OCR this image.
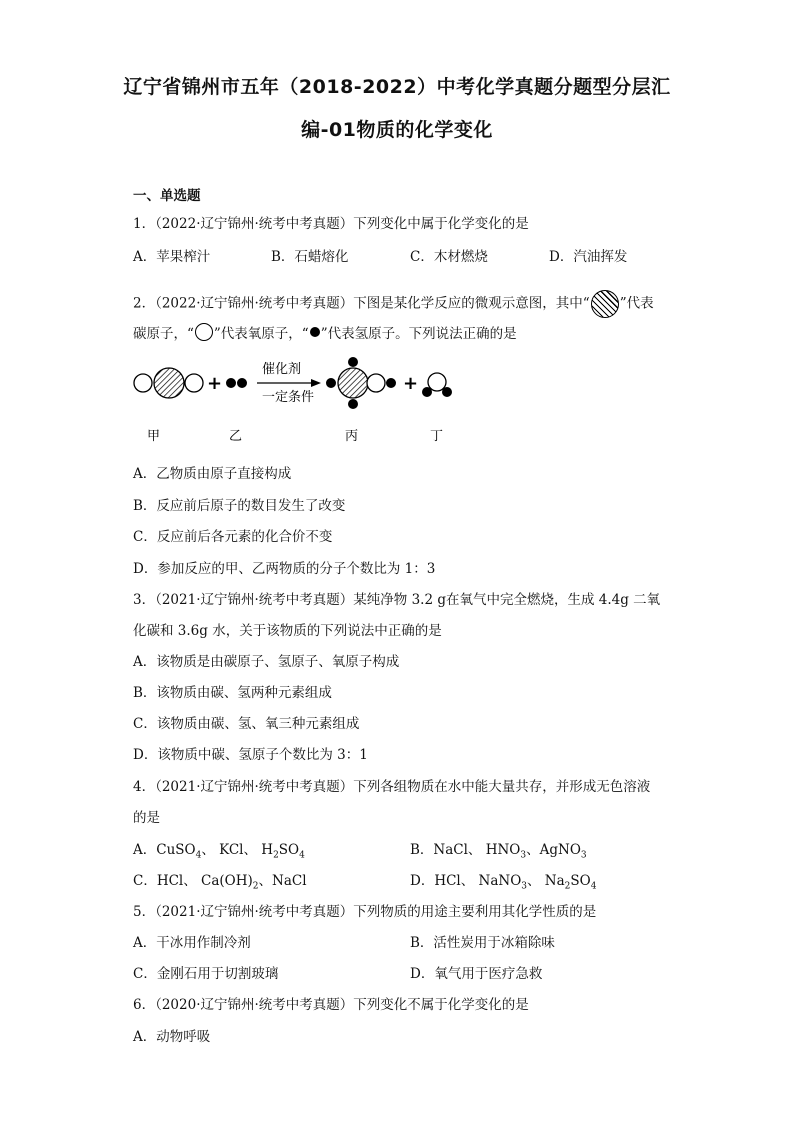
辽宁省锦州市五年（2018-2022）中考化学真题分题型分层汇
编-01物质的化学变化
一、单选题
1．（2022·辽宁锦州·统考中考真题）下列变化中属于化学变化的是
A．苹果榨汁	B．石蜡熔化	C．木材燃烧	D．汽油挥发
2．（2022·辽宁锦州·统考中考真题）下图是某化学反应的微观示意图，其中“ ”代表
碳原子，“ ”代表氧原子，“ ”代表氢原子。下列说法正确的是
+
催化剂
一定条件
+
甲	乙	丙	丁
A．乙物质由原子直接构成
B．反应前后原子的数目发生了改变
C．反应前后各元素的化合价不变
D．参加反应的甲、乙两物质的分子个数比为 1：3
3．（2021·辽宁锦州·统考中考真题）某纯净物 3.2 g在氧气中完全燃烧，生成 4.4g 二氧
化碳和 3.6g 水，关于该物质的下列说法中正确的是
A．该物质是由碳原子、氢原子、氧原子构成
B．该物质由碳、氢两种元素组成
C．该物质由碳、氢、氧三种元素组成
D．该物质中碳、氢原子个数比为 3：1
4．（2021·辽宁锦州·统考中考真题）下列各组物质在水中能大量共存，并形成无色溶液
的是
A．CuSO$_4$、 KCl、 $H_2SO_4$	B．NaCl、 $HNO_3$、AgNO$_3$
C．HCl、 $Ca(OH)_2$、NaCl	D．HCl、 NaNO$_3$、 $Na_2SO_4$
5．（2021·辽宁锦州·统考中考真题）下列物质的用途主要利用其化学性质的是
A．干冰用作制冷剂	B．活性炭用于冰箱除味
C．金刚石用于切割玻璃	D．氧气用于医疗急救
6．（2020·辽宁锦州·统考中考真题）下列变化不属于化学变化的是
A．动物呼吸
